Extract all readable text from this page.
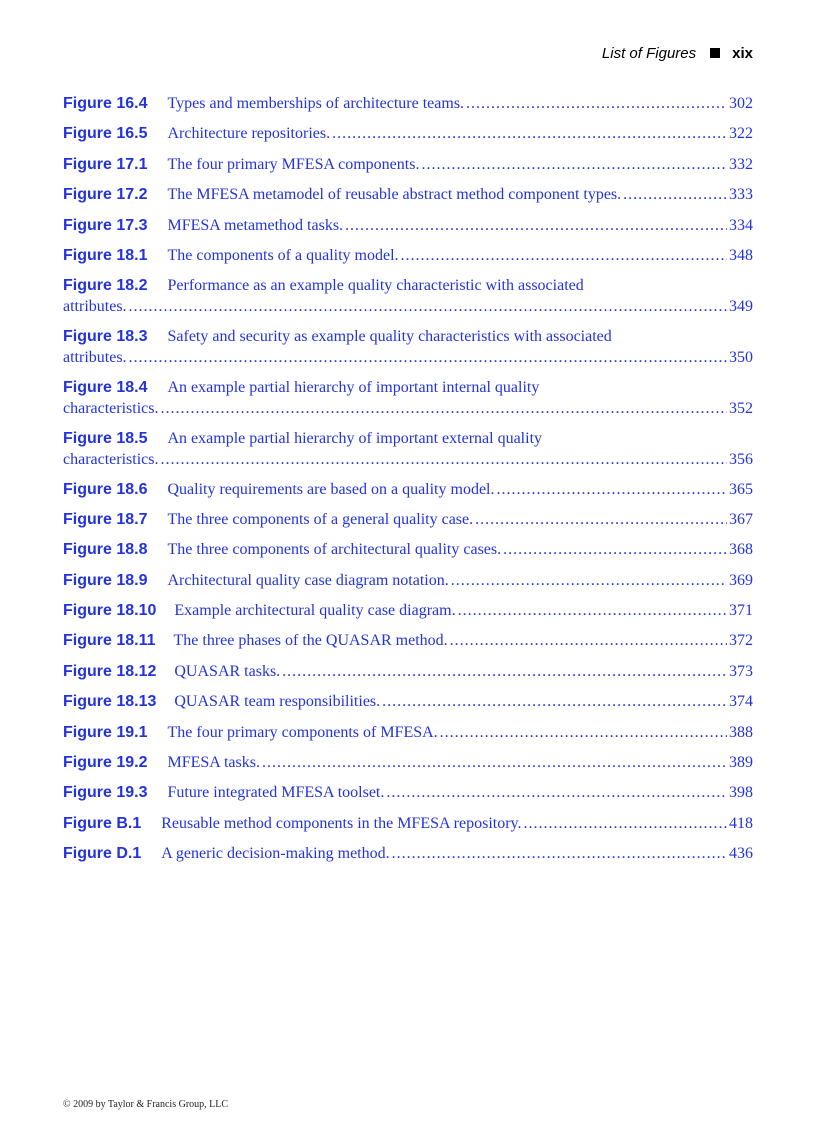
List of Figures xix
Figure 16.4 Types and memberships of architecture teams. .....	302
Figure 16.5 Architecture repositories. .....	322
Figure 17.1 The four primary MFESA components. .....	332
Figure 17.2 The MFESA metamodel of reusable abstract method component types. .....	333
Figure 17.3 MFESA metamethod tasks. .....	334
Figure 18.1 The components of a quality model. .....	348
Figure 18.2 Performance as an example quality characteristic with associated
attributes. .....	349
Figure 18.3 Safety and security as example quality characteristics with associated
attributes. .....	350
Figure 18.4 An example partial hierarchy of important internal quality
characteristics. .....	352
Figure 18.5 An example partial hierarchy of important external quality
characteristics. .....	356
Figure 18.6 Quality requirements are based on a quality model. .....	365
Figure 18.7 The three components of a general quality case. .....	367
Figure 18.8 The three components of architectural quality cases. .....	368
Figure 18.9 Architectural quality case diagram notation. .....	369
Figure 18.10 Example architectural quality case diagram. .....	371
Figure 18.11 The three phases of the QUASAR method. .....	372
Figure 18.12 QUASAR tasks. .....	373
Figure 18.13 QUASAR team responsibilities. .....	374
Figure 19.1 The four primary components of MFESA. .....	388
Figure 19.2 MFESA tasks. .....	389
Figure 19.3 Future integrated MFESA toolset. .....	398
Figure B.1 Reusable method components in the MFESA repository. .....	418
Figure D.1 A generic decision-making method. .....	436
© 2009 by Taylor & Francis Group, LLC
